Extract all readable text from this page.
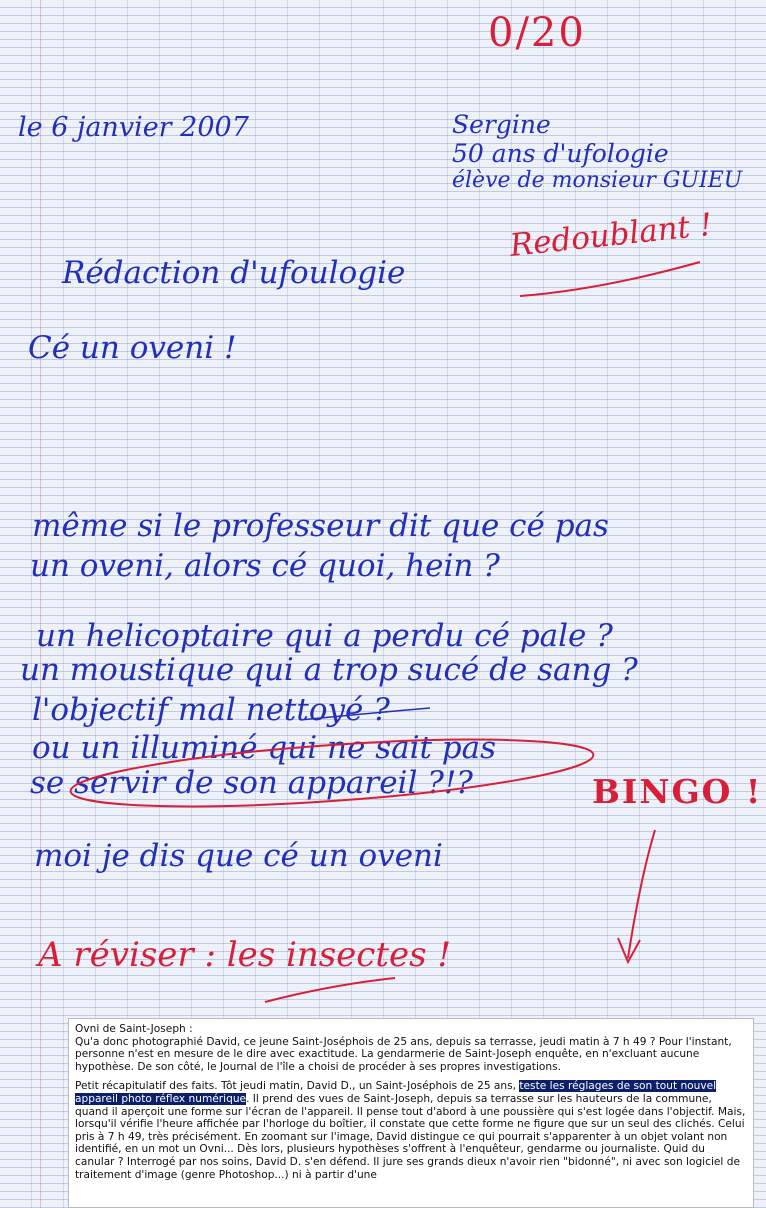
0/20
le 6 janvier 2007	Sergine
50 ans d'ufologie
élève de monsieur GUIEU
Redoublant !
Rédaction d'ufoulogie
Cé un ovenі !
même si le professeur dit que cé pas
un oveni, alors cé quoi, hein ?
un helicoptaire qui a perdu cé pale ?
un moustique qui a trop sucé de sang ?
l'objectif mal nettoyé ?
ou un illuminé qui ne sait pas
se servir de son appareil ?!?
moi je dis que cé un oveni
BINGO !
A réviser : les insectes !

Ovni de Saint-Joseph :
Qu'a donc photographié David, ce jeune Saint-Joséphois de 25 ans, depuis sa terrasse, jeudi matin à 7 h 49 ? Pour l'instant, personne n'est en mesure de le dire avec exactitude. La gendarmerie de Saint-Joseph enquête, en n'excluant aucune hypothèse. De son côté, le Journal de l'île a choisi de procéder à ses propres investigations.

Petit récapitulatif des faits. Tôt jeudi matin, David D., un Saint-Joséphois de 25 ans, teste les réglages de son tout nouvel appareil photo réflex numérique. Il prend des vues de Saint-Joseph, depuis sa terrasse sur les hauteurs de la commune, quand il aperçoit une forme sur l'écran de l'appareil. Il pense tout d'abord à une poussière qui s'est logée dans l'objectif. Mais, lorsqu'il vérifie l'heure affichée par l'horloge du boîtier, il constate que cette forme ne figure que sur un seul des clichés. Celui pris à 7 h 49, très précisément. En zoomant sur l'image, David distingue ce qui pourrait s'apparenter à un objet volant non identifié, en un mot un Ovni... Dès lors, plusieurs hypothèses s'offrent à l'enquêteur, gendarme ou journaliste. Quid du canular ? Interrogé par nos soins, David D. s'en défend. Il jure ses grands dieux n'avoir rien "bidonné", ni avec son logiciel de traitement d'image (genre Photoshop...) ni à partir d'une
